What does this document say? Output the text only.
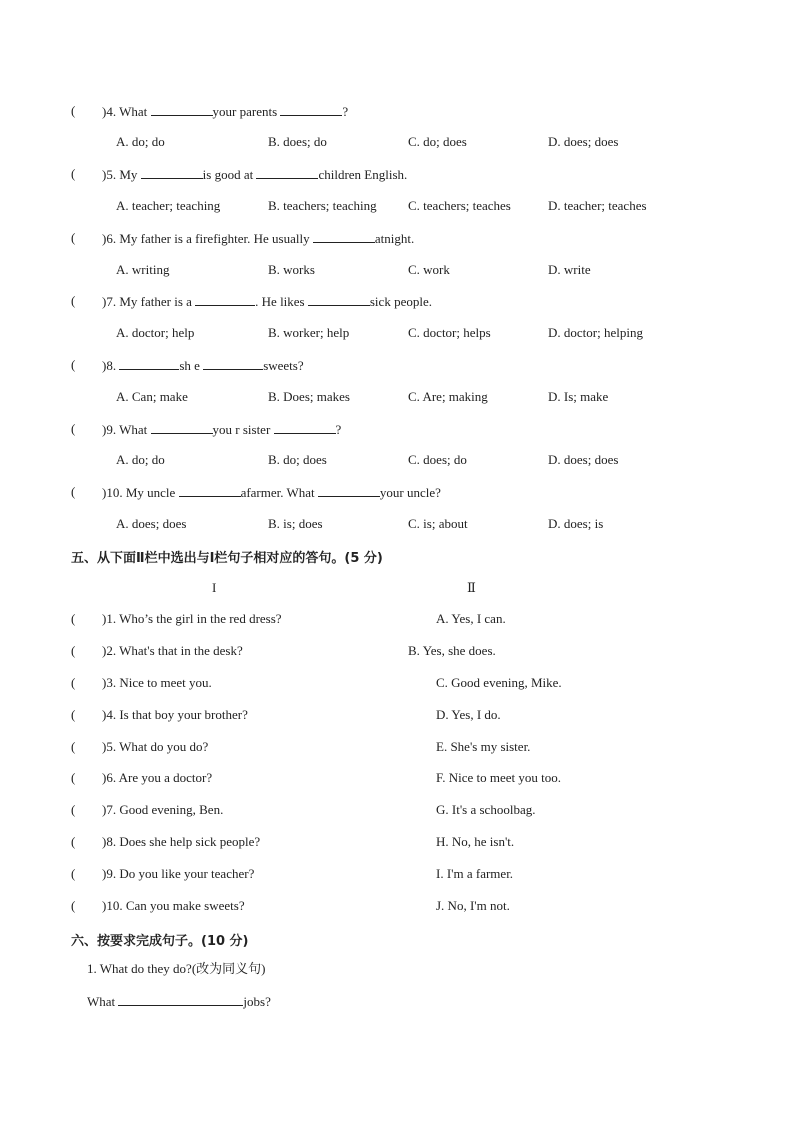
( )4. What	your parents	?
A. do; do	B. does; do	C. do; does	D. does; does
( )5. My	is good at	children English.
A. teacher; teaching	B. teachers; teaching C. teachers; teaches	D. teacher; teaches
( )6. My father is a firefighter. He usually	atnight.
A. writing	B. works	C. work	D. write
( )7. My father is a	. He likes	sick people.
A. doctor; help	B. worker; help	C. doctor; helps	D. doctor; helping
( )8.	sh e	sweets?
A. Can; make	B. Does; makes	C. Are; making	D. Is; make
( )9. What	you r sister	?
A. do; do	B. do; does	C. does; do	D. does; does
( )10. My uncle	afarmer. What	your uncle?
A. does; does	B. is; does	C. is; about	D. does; is
五、从下面Ⅱ栏中选出与Ⅰ栏句子相对应的答句。(5 分)
I	Ⅱ
( )1. Who’s the girl in the red dress?	A. Yes, I can.
( )2. What's that in the desk?	B. Yes, she does.
( )3. Nice to meet you.	C. Good evening, Mike.
( )4. Is that boy your brother?	D. Yes, I do.
( )5. What do you do?	E. She's my sister.
( )6. Are you a doctor?	F. Nice to meet you too.
( )7. Good evening, Ben.	G. It's a schoolbag.
( )8. Does she help sick people?	H. No, he isn't.
( )9. Do you like your teacher?	I. I'm a farmer.
( )10. Can you make sweets?	J. No, I'm not.
六、按要求完成句子。(10 分)
1. What do they do?(改为同义句)
What	jobs?
